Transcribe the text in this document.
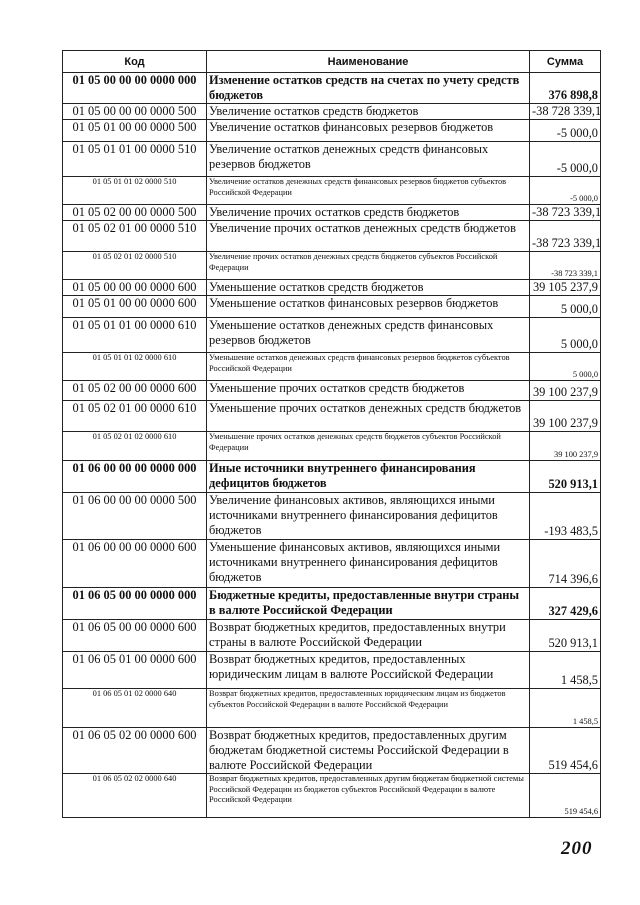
Код	Наименование	Сумма
01 05 00 00 00 0000 000	Изменение остатков средств на счетах по учету средств бюджетов	376 898,8
01 05 00 00 00 0000 500	Увеличение остатков средств бюджетов	-38 728 339,1
01 05 01 00 00 0000 500	Увеличение остатков финансовых резервов бюджетов	-5 000,0
01 05 01 01 00 0000 510	Увеличение остатков денежных средств финансовых резервов бюджетов	-5 000,0
01 05 01 01 02 0000 510	Увеличение остатков денежных средств финансовых резервов бюджетов субъектов Российской Федерации	-5 000,0
01 05 02 00 00 0000 500	Увеличение прочих остатков средств бюджетов	-38 723 339,1
01 05 02 01 00 0000 510	Увеличение прочих остатков денежных средств бюджетов	-38 723 339,1
01 05 02 01 02 0000 510	Увеличение прочих остатков денежных средств бюджетов субъектов Российской Федерации	-38 723 339,1
01 05 00 00 00 0000 600	Уменьшение остатков средств бюджетов	39 105 237,9
01 05 01 00 00 0000 600	Уменьшение остатков финансовых резервов бюджетов	5 000,0
01 05 01 01 00 0000 610	Уменьшение остатков денежных средств финансовых резервов бюджетов	5 000,0
01 05 01 01 02 0000 610	Уменьшение остатков денежных средств финансовых резервов бюджетов субъектов Российской Федерации	5 000,0
01 05 02 00 00 0000 600	Уменьшение прочих остатков средств бюджетов	39 100 237,9
01 05 02 01 00 0000 610	Уменьшение прочих остатков денежных средств бюджетов	39 100 237,9
01 05 02 01 02 0000 610	Уменьшение прочих остатков денежных средств бюджетов субъектов Российской Федерации	39 100 237,9
01 06 00 00 00 0000 000	Иные источники внутреннего финансирования дефицитов бюджетов	520 913,1
01 06 00 00 00 0000 500	Увеличение финансовых активов, являющихся иными источниками внутреннего финансирования дефицитов бюджетов	-193 483,5
01 06 00 00 00 0000 600	Уменьшение финансовых активов, являющихся иными источниками внутреннего финансирования дефицитов бюджетов	714 396,6
01 06 05 00 00 0000 000	Бюджетные кредиты, предоставленные внутри страны в валюте Российской Федерации	327 429,6
01 06 05 00 00 0000 600	Возврат бюджетных кредитов, предоставленных внутри страны в валюте Российской Федерации	520 913,1
01 06 05 01 00 0000 600	Возврат бюджетных кредитов, предоставленных юридическим лицам в валюте Российской Федерации	1 458,5
01 06 05 01 02 0000 640	Возврат бюджетных кредитов, предоставленных юридическим лицам из бюджетов субъектов Российской Федерации в валюте Российской Федерации	1 458,5
01 06 05 02 00 0000 600	Возврат бюджетных кредитов, предоставленных другим бюджетам бюджетной системы Российской Федерации в валюте Российской Федерации	519 454,6
01 06 05 02 02 0000 640	Возврат бюджетных кредитов, предоставленных другим бюджетам бюджетной системы Российской Федерации из бюджетов субъектов Российской Федерации в валюте Российской Федерации	519 454,6
200
